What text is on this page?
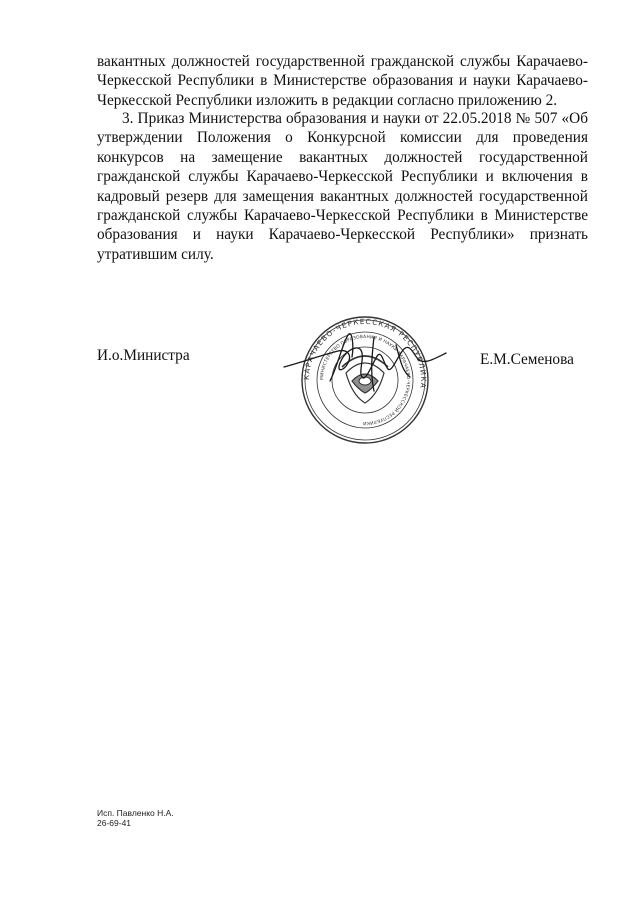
вакантных должностей государственной гражданской службы Карачаево-Черкесской Республики в Министерстве образования и науки Карачаево-Черкесской Республики изложить в редакции согласно приложению 2.

3. Приказ Министерства образования и науки от 22.05.2018 № 507 «Об утверждении Положения о Конкурсной комиссии для проведения конкурсов на замещение вакантных должностей государственной гражданской службы Карачаево-Черкесской Республики и включения в кадровый резерв для замещения вакантных должностей государственной гражданской службы Карачаево-Черкесской Республики в Министерстве образования и науки Карачаево-Черкесской Республики» признать утратившим силу.

И.о.Министра

КАРАЧАЕВО-ЧЕРКЕССКАЯ РЕСПУБЛИКА
МИНИСТЕРСТВО ОБРАЗОВАНИЯ И НАУКИ КАРАЧАЕВО-ЧЕРКЕССКОЙ РЕСПУБЛИКИ

Е.М.Семенова

Исп. Павленко Н.А.
26-69-41
